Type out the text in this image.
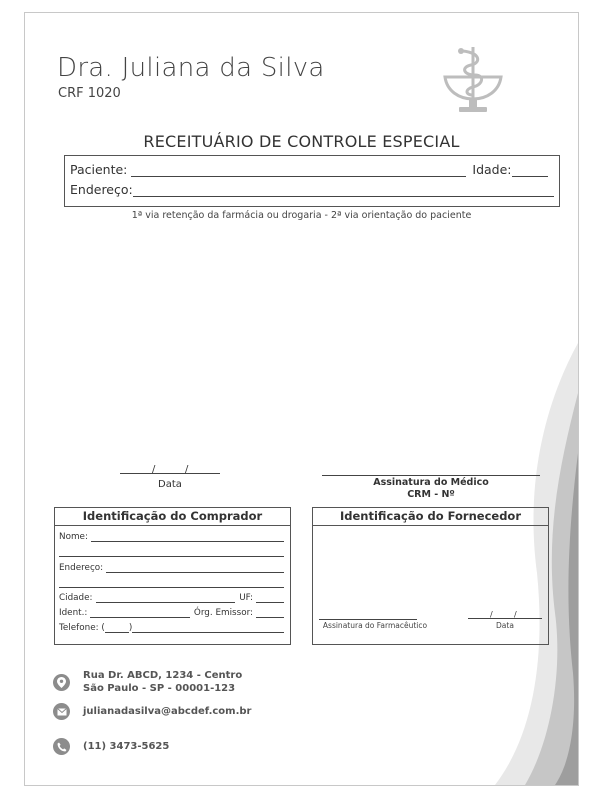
Dra. Juliana da Silva
CRF 1020
RECEITUÁRIO DE CONTROLE ESPECIAL
Paciente:	Idade:
Endereço:
1ª via retenção da farmácia ou drogaria - 2ª via orientação do paciente
/	/
Data	Assinatura do Médico
CRM - Nº
Identificação do Comprador
Nome:
Endereço:
Cidade:	UF:
Ident.:	Órg. Emissor:
Telefone: (	)
Identificação do Fornecedor
Assinatura do Farmacêutico
/	/
Data
Rua Dr. ABCD, 1234 - Centro
São Paulo - SP - 00001-123
julianadasilva@abcdef.com.br
(11) 3473-5625
